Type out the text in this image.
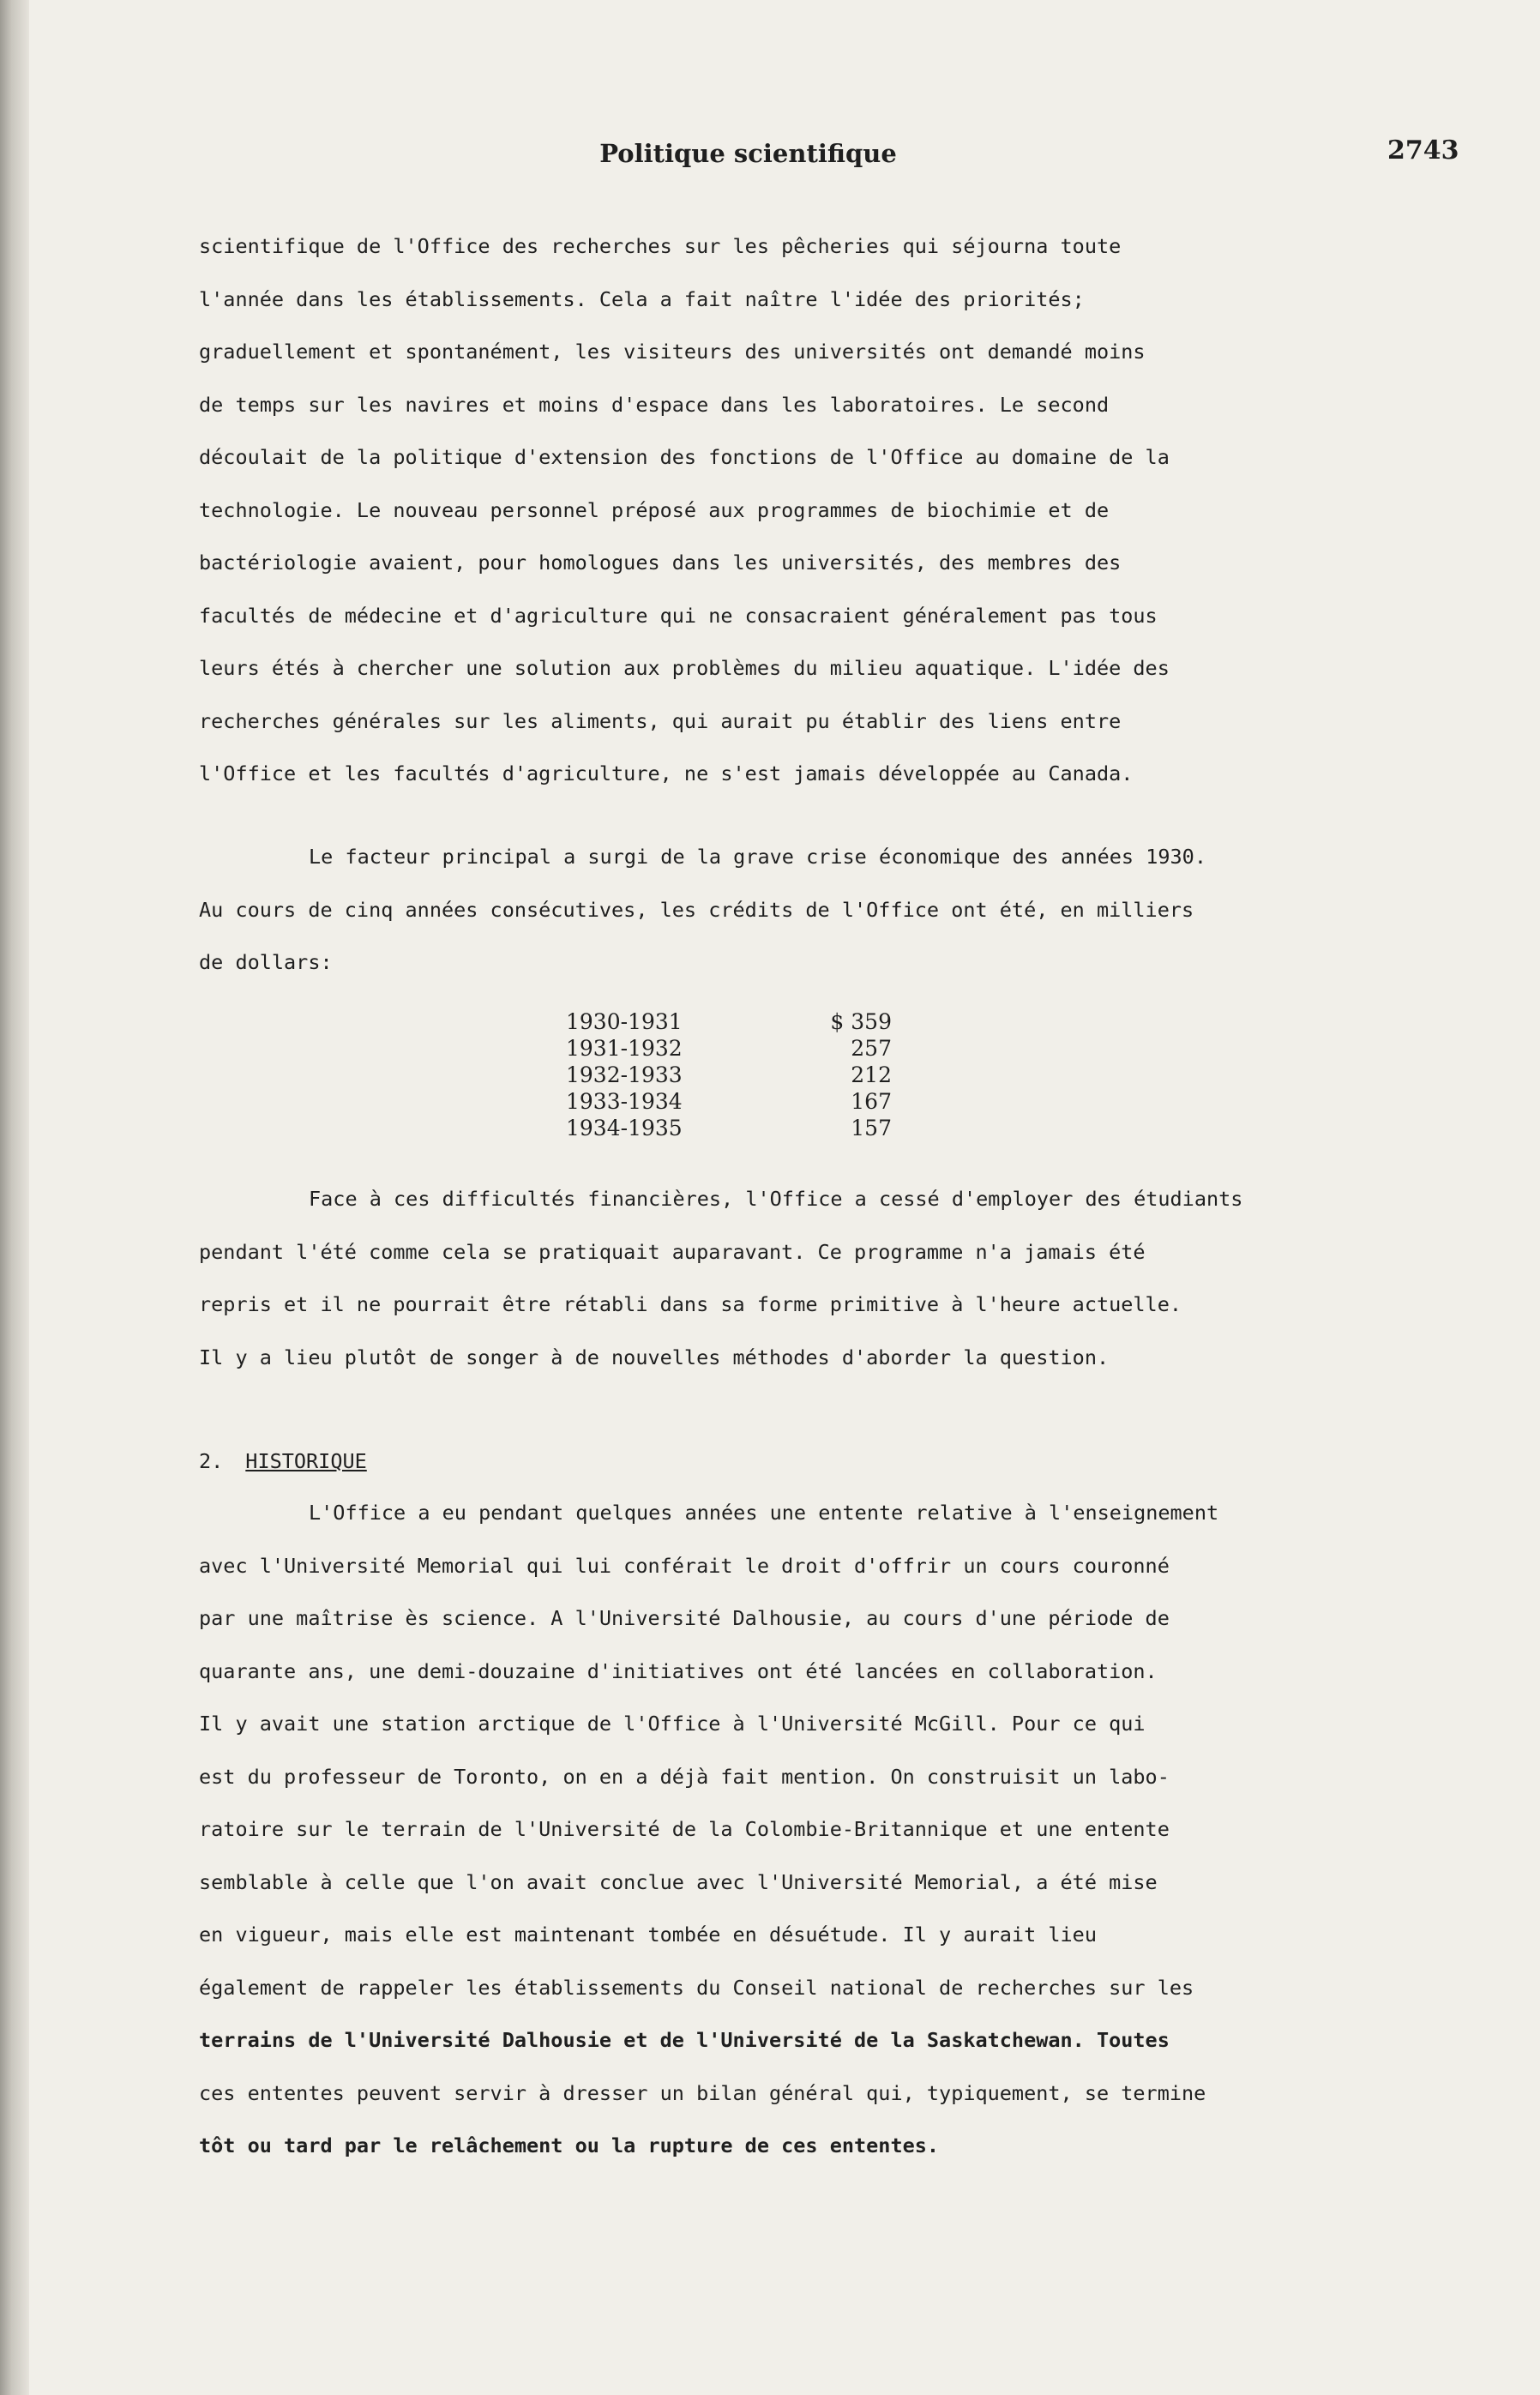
Politique scientifique	2743
scientifique de l'Office des recherches sur les pêcheries qui séjourna toute
l'année dans les établissements. Cela a fait naître l'idée des priorités;
graduellement et spontanément, les visiteurs des universités ont demandé moins
de temps sur les navires et moins d'espace dans les laboratoires. Le second
découlait de la politique d'extension des fonctions de l'Office au domaine de la
technologie. Le nouveau personnel préposé aux programmes de biochimie et de
bactériologie avaient, pour homologues dans les universités, des membres des
facultés de médecine et d'agriculture qui ne consacraient généralement pas tous
leurs étés à chercher une solution aux problèmes du milieu aquatique. L'idée des
recherches générales sur les aliments, qui aurait pu établir des liens entre
l'Office et les facultés d'agriculture, ne s'est jamais développée au Canada.
Le facteur principal a surgi de la grave crise économique des années 1930.
Au cours de cinq années consécutives, les crédits de l'Office ont été, en milliers
de dollars:
1930-1931	$ 359
1931-1932	257
1932-1933	212
1933-1934	167
1934-1935	157
Face à ces difficultés financières, l'Office a cessé d'employer des étudiants
pendant l'été comme cela se pratiquait auparavant. Ce programme n'a jamais été
repris et il ne pourrait être rétabli dans sa forme primitive à l'heure actuelle.
Il y a lieu plutôt de songer à de nouvelles méthodes d'aborder la question.
2. HISTORIQUE
L'Office a eu pendant quelques années une entente relative à l'enseignement
avec l'Université Memorial qui lui conférait le droit d'offrir un cours couronné
par une maîtrise ès science. A l'Université Dalhousie, au cours d'une période de
quarante ans, une demi-douzaine d'initiatives ont été lancées en collaboration.
Il y avait une station arctique de l'Office à l'Université McGill. Pour ce qui
est du professeur de Toronto, on en a déjà fait mention. On construisit un labo-
ratoire sur le terrain de l'Université de la Colombie-Britannique et une entente
semblable à celle que l'on avait conclue avec l'Université Memorial, a été mise
en vigueur, mais elle est maintenant tombée en désuétude. Il y aurait lieu
également de rappeler les établissements du Conseil national de recherches sur les
terrains de l'Université Dalhousie et de l'Université de la Saskatchewan. Toutes
ces ententes peuvent servir à dresser un bilan général qui, typiquement, se termine
tôt ou tard par le relâchement ou la rupture de ces ententes.
